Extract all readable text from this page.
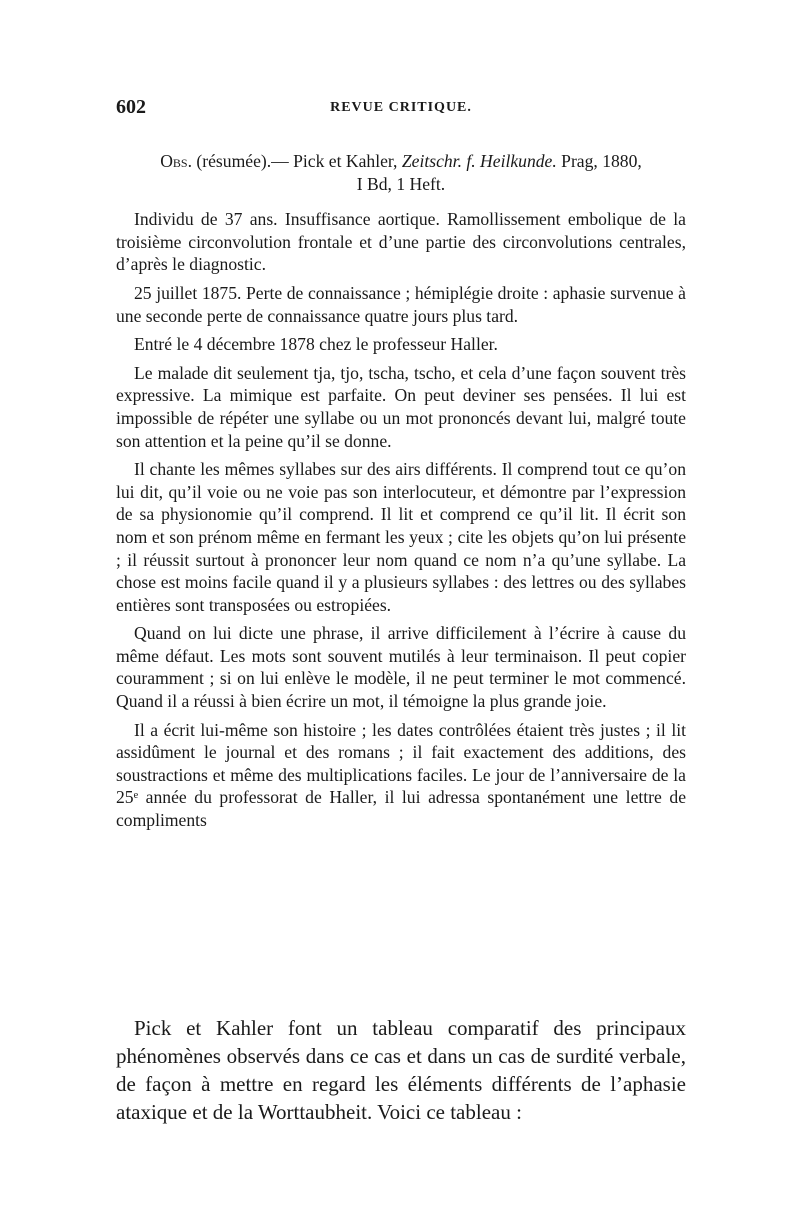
602	REVUE CRITIQUE.

Obs. (résumée).— Pick et Kahler, Zeitschr. f. Heilkunde. Prag, 1880,
I Bd, 1 Heft.

Individu de 37 ans. Insuffisance aortique. Ramollissement embolique de la troisième circonvolution frontale et d’une partie des circonvolutions centrales, d’après le diagnostic.

25 juillet 1875. Perte de connaissance ; hémiplégie droite : aphasie survenue à une seconde perte de connaissance quatre jours plus tard.

Entré le 4 décembre 1878 chez le professeur Haller.

Le malade dit seulement tja, tjo, tscha, tscho, et cela d’une façon souvent très expressive. La mimique est parfaite. On peut deviner ses pensées. Il lui est impossible de répéter une syllabe ou un mot prononcés devant lui, malgré toute son attention et la peine qu’il se donne.

Il chante les mêmes syllabes sur des airs différents. Il comprend tout ce qu’on lui dit, qu’il voie ou ne voie pas son interlocuteur, et démontre par l’expression de sa physionomie qu’il comprend. Il lit et comprend ce qu’il lit. Il écrit son nom et son prénom même en fermant les yeux ; cite les objets qu’on lui présente ; il réussit surtout à prononcer leur nom quand ce nom n’a qu’une syllabe. La chose est moins facile quand il y a plusieurs syllabes : des lettres ou des syllabes entières sont transposées ou estropiées.

Quand on lui dicte une phrase, il arrive difficilement à l’écrire à cause du même défaut. Les mots sont souvent mutilés à leur terminaison. Il peut copier couramment ; si on lui enlève le modèle, il ne peut terminer le mot commencé. Quand il a réussi à bien écrire un mot, il témoigne la plus grande joie.

Il a écrit lui-même son histoire ; les dates contrôlées étaient très justes ; il lit assidûment le journal et des romans ; il fait exactement des additions, des soustractions et même des multiplications faciles. Le jour de l’anniversaire de la 25ᵉ année du professorat de Haller, il lui adressa spontanément une lettre de compliments

Pick et Kahler font un tableau comparatif des principaux phénomènes observés dans ce cas et dans un cas de surdité verbale, de façon à mettre en regard les éléments différents de l’aphasie ataxique et de la Worttaubheit. Voici ce tableau :
